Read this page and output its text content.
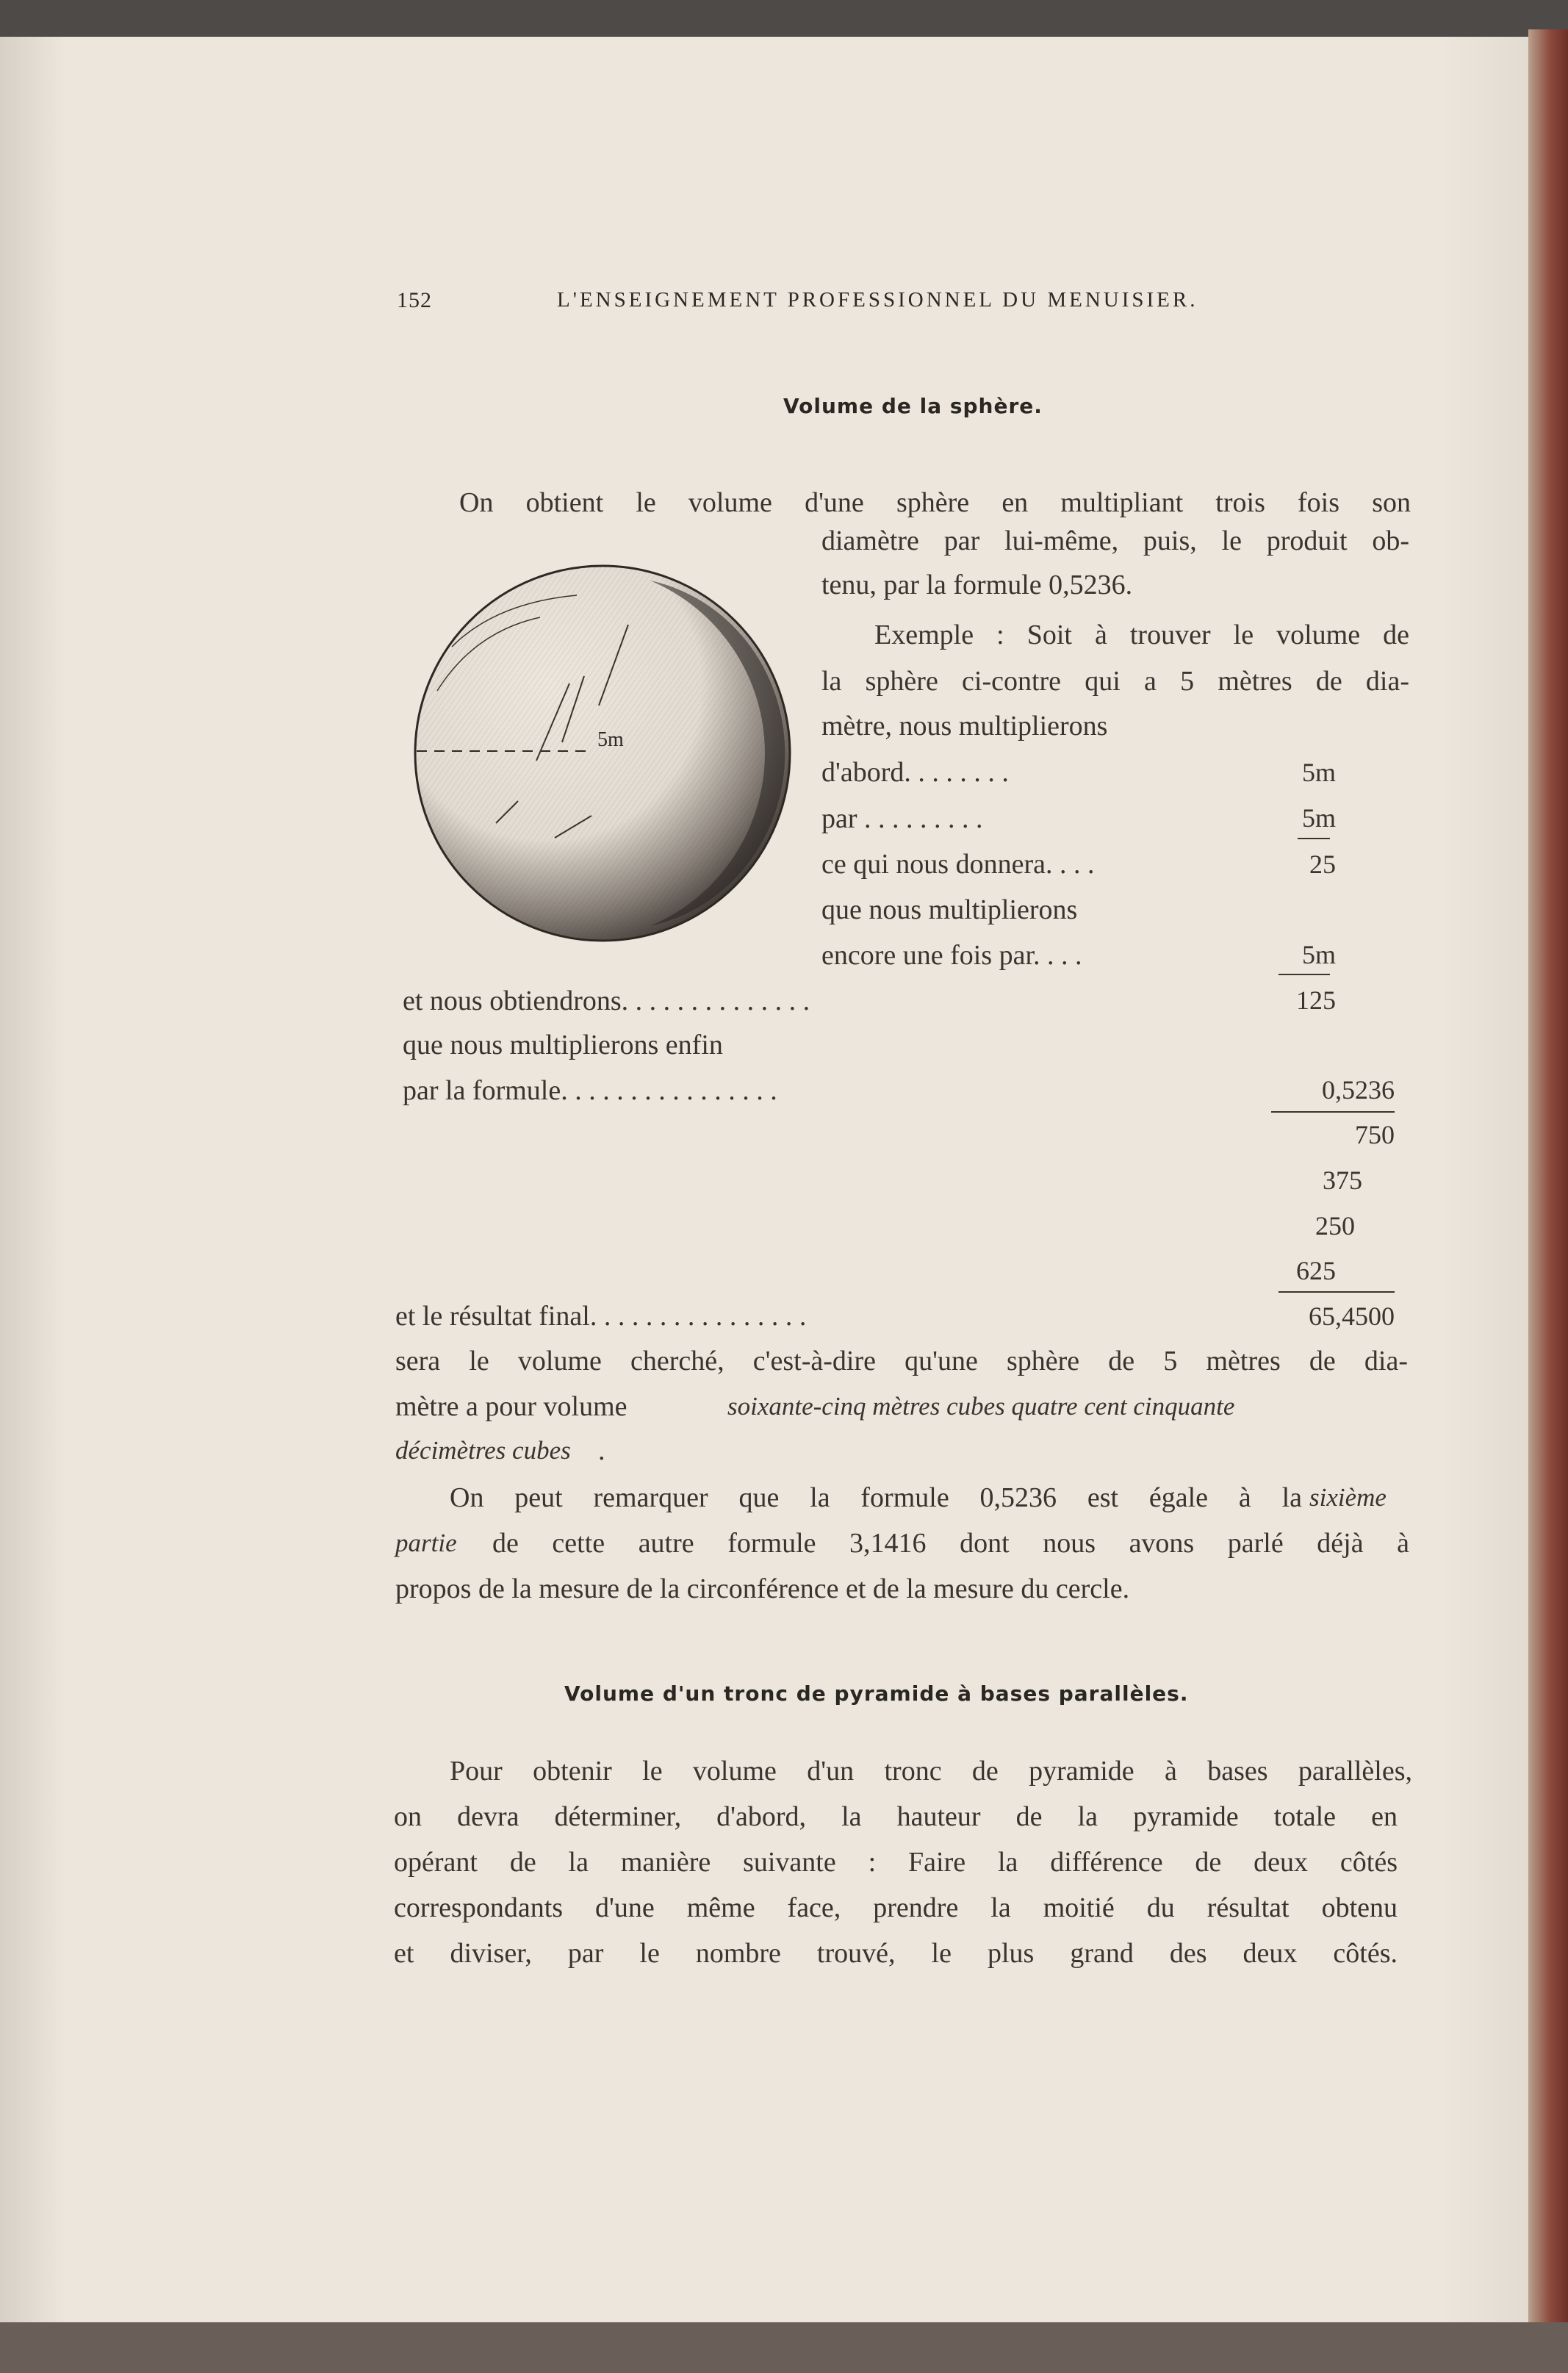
152	L'ENSEIGNEMENT PROFESSIONNEL DU MENUISIER.
Volume de la sphère.
On obtient le volume d'une sphère en multipliant trois fois son
diamètre par lui-même, puis, le produit ob-
tenu, par la formule 0,5236.
Exemple : Soit à trouver le volume de
la sphère ci-contre qui a 5 mètres de dia-
mètre, nous multiplierons
d'abord. . . . . . . .
par . . . . . . . . .
ce qui nous donnera. . . .
que nous multiplierons
encore une fois par. . . .
et nous obtiendrons. . . . . . . . . . . . . .
que nous multiplierons enfin
par la formule. . . . . . . . . . . . . . . .
et le résultat final. . . . . . . . . . . . . . . .
sera le volume cherché, c'est-à-dire qu'une sphère de 5 mètres de dia-
mètre a pour volume	soixante-cinq mètres cubes quatre cent cinquante
décimètres cubes .
On peut remarquer que la formule 0,5236 est égale à la sixième
partie de cette autre formule 3,1416 dont nous avons parlé déjà à
propos de la mesure de la circonférence et de la mesure du cercle.
5m
5m
25
5m
125
0,5236
750
375
250
625
65,4500
5m
Volume d'un tronc de pyramide à bases parallèles.
Pour obtenir le volume d'un tronc de pyramide à bases parallèles,
on devra déterminer, d'abord, la hauteur de la pyramide totale en
opérant de la manière suivante : Faire la différence de deux côtés
correspondants d'une même face, prendre la moitié du résultat obtenu
et diviser, par le nombre trouvé, le plus grand des deux côtés.
